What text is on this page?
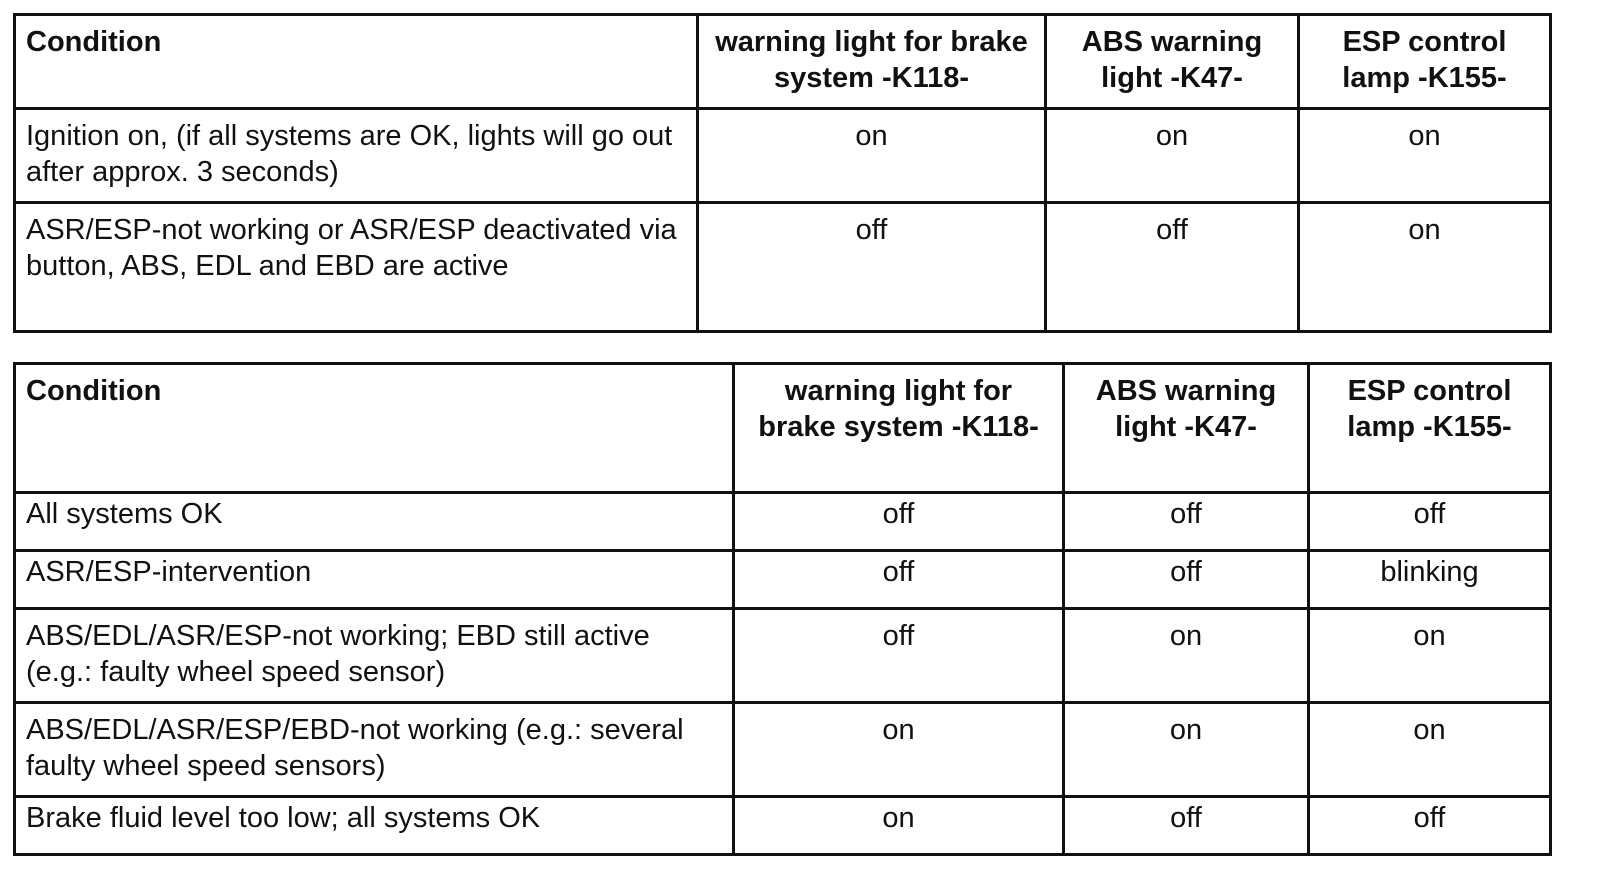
Condition	warning light for brake system -K118-	ABS warning light -K47-	ESP control lamp -K155-
Ignition on, (if all systems are OK, lights will go out after approx. 3 seconds)	on	on	on
ASR/ESP-not working or ASR/ESP deactivated via button, ABS, EDL and EBD are active	off	off	on
Condition	warning light for brake system -K118-	ABS warning light -K47-	ESP control lamp -K155-
All systems OK	off	off	off
ASR/ESP-intervention	off	off	blinking
ABS/EDL/ASR/ESP-not working; EBD still active (e.g.: faulty wheel speed sensor)	off	on	on
ABS/EDL/ASR/ESP/EBD-not working (e.g.: several faulty wheel speed sensors)	on	on	on
Brake fluid level too low; all systems OK	on	off	off
